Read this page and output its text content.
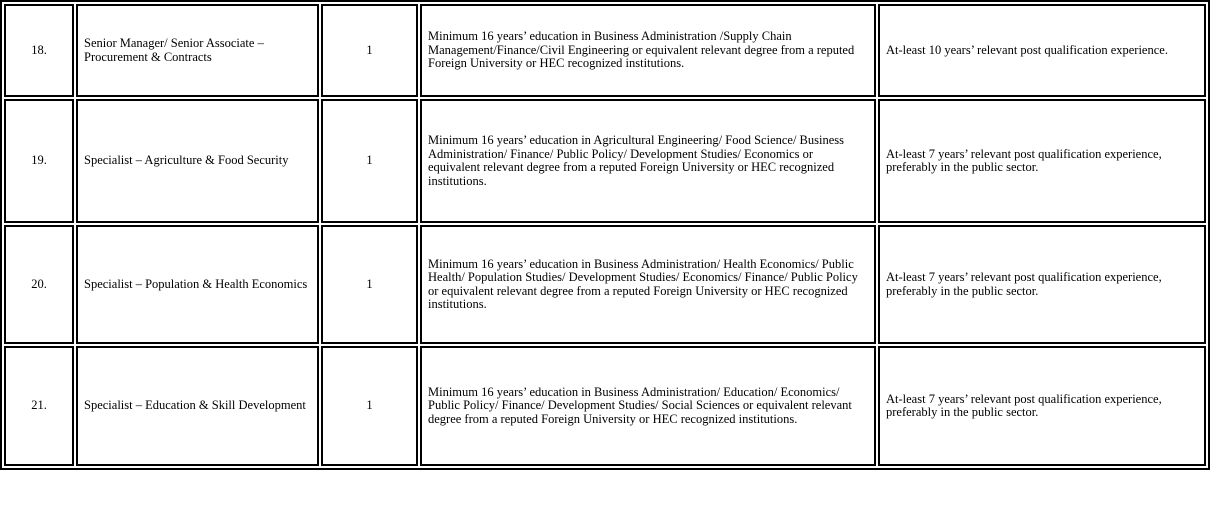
18.	Senior Manager/ Senior Associate – Procurement & Contracts	1	Minimum 16 years’ education in Business Administration /Supply Chain Management/Finance/Civil Engineering or equivalent relevant degree from a reputed Foreign University or HEC recognized institutions.	At-least 10 years’ relevant post qualification experience.
19.	Specialist – Agriculture & Food Security	1	Minimum 16 years’ education in Agricultural Engineering/ Food Science/ Business Administration/ Finance/ Public Policy/ Development Studies/ Economics or equivalent relevant degree from a reputed Foreign University or HEC recognized institutions.	At-least 7 years’ relevant post qualification experience, preferably in the public sector.
20.	Specialist – Population & Health Economics	1	Minimum 16 years’ education in Business Administration/ Health Economics/ Public Health/ Population Studies/ Development Studies/ Economics/ Finance/ Public Policy or equivalent relevant degree from a reputed Foreign University or HEC recognized institutions.	At-least 7 years’ relevant post qualification experience, preferably in the public sector.
21.	Specialist – Education & Skill Development	1	Minimum 16 years’ education in Business Administration/ Education/ Economics/ Public Policy/ Finance/ Development Studies/ Social Sciences or equivalent relevant degree from a reputed Foreign University or HEC recognized institutions.	At-least 7 years’ relevant post qualification experience, preferably in the public sector.
